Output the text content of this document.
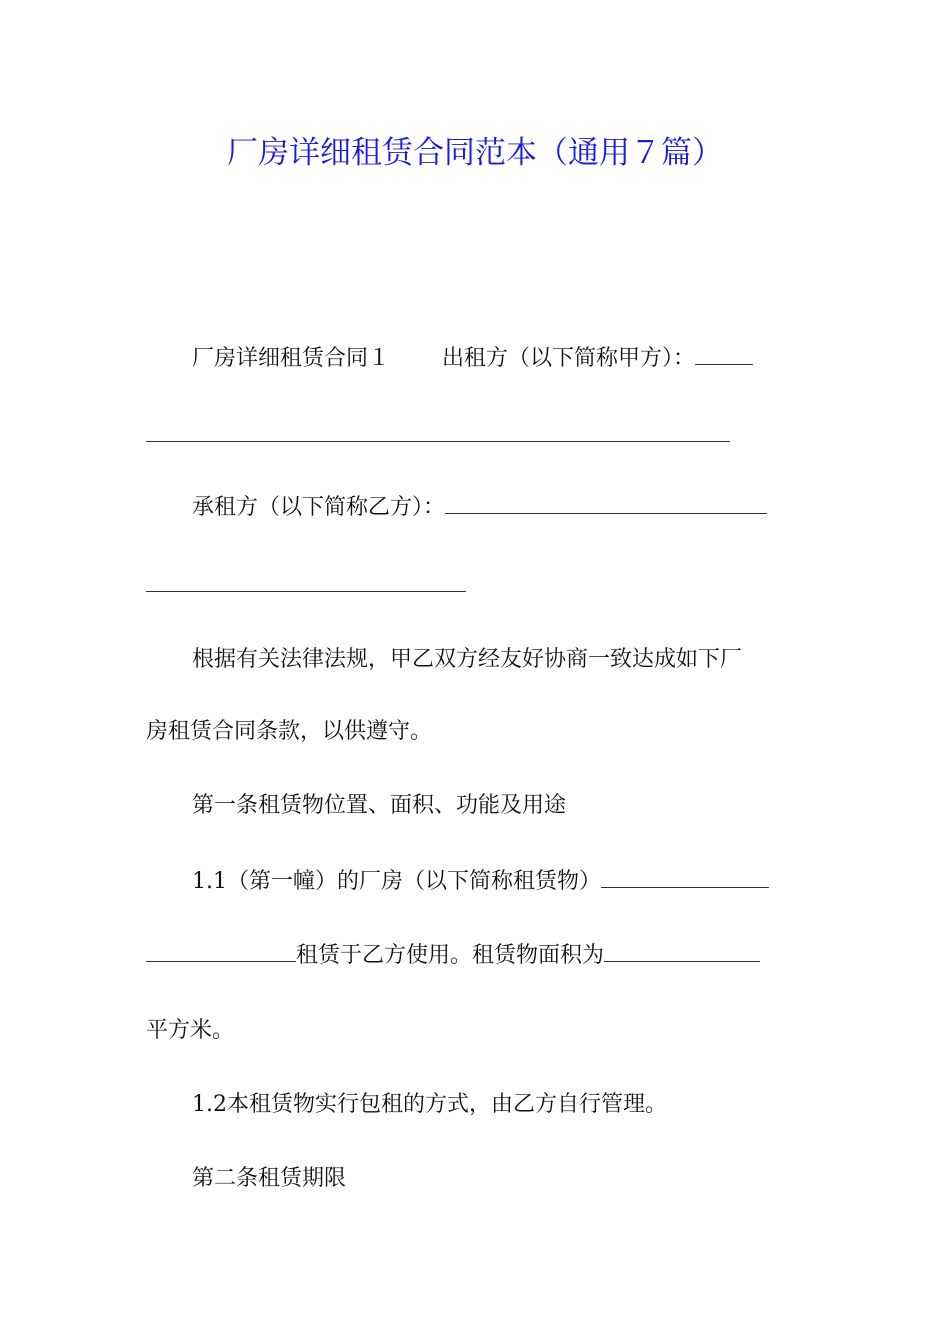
厂房详细租赁合同范本（通用７篇）
厂房详细租赁合同１ 出租方（以下简称甲方）：
承租方（以下简称乙方）：
根据有关法律法规，甲乙双方经友好协商一致达成如下厂
房租赁合同条款，以供遵守。
第一条租赁物位置、面积、功能及用途
1.1（第一幢）的厂房（以下简称租赁物）
租赁于乙方使用。租赁物面积为
平方米。
1.2本租赁物实行包租的方式，由乙方自行管理。
第二条租赁期限
